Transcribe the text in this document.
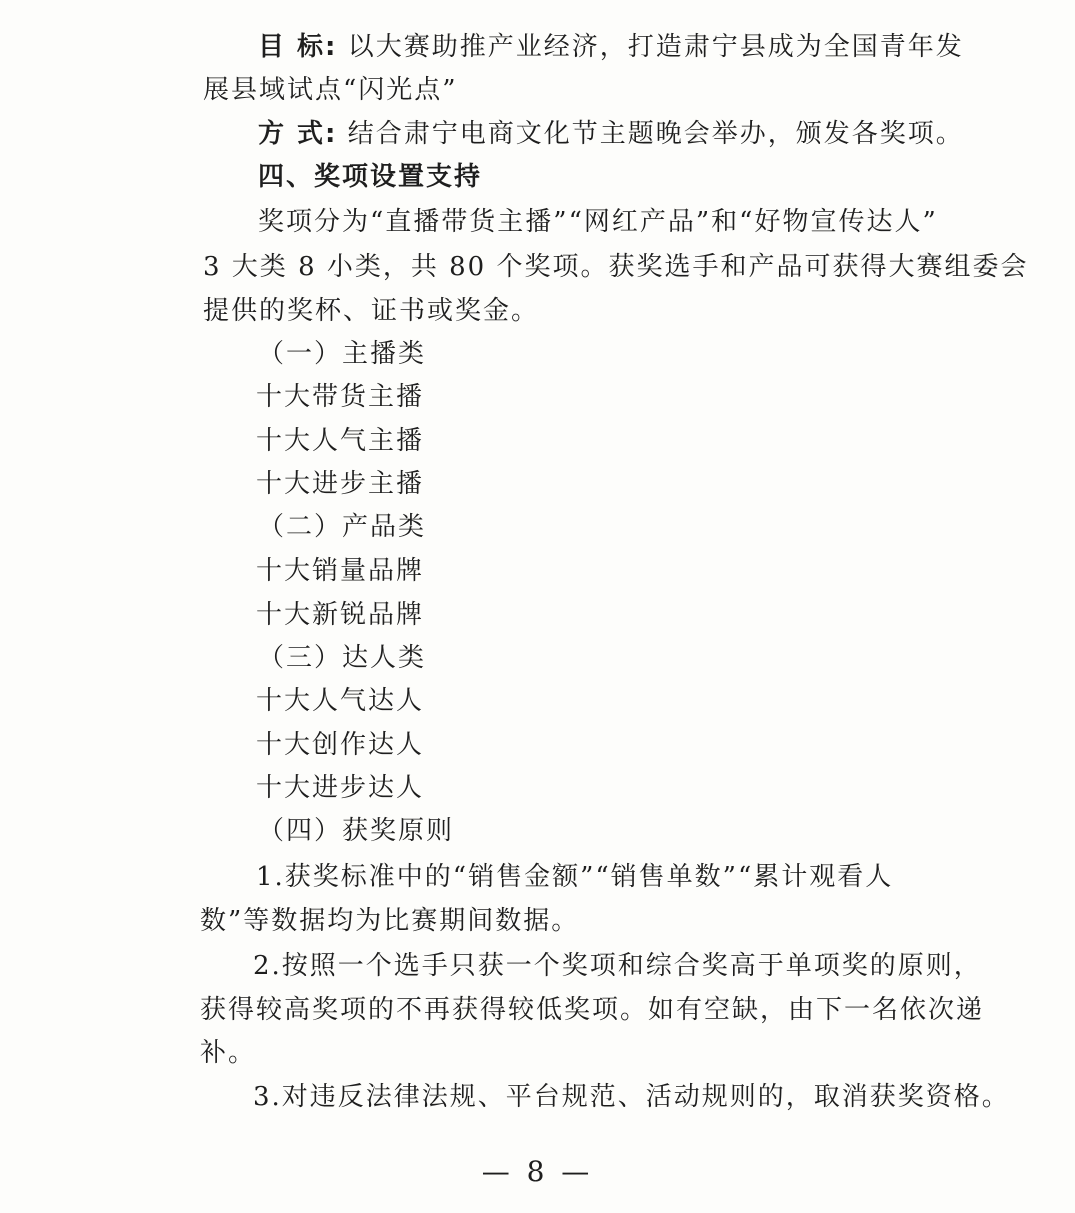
目 标: 以大赛助推产业经济，打造肃宁县成为全国青年发
展县域试点“闪光点”
方 式: 结合肃宁电商文化节主题晚会举办，颁发各奖项。
四、奖项设置支持
奖项分为“直播带货主播”“网红产品”和“好物宣传达人”
3 大类 8 小类，共 80 个奖项。获奖选手和产品可获得大赛组委会
提供的奖杯、证书或奖金。
（一）主播类
十大带货主播
十大人气主播
十大进步主播
（二）产品类
十大销量品牌
十大新锐品牌
（三）达人类
十大人气达人
十大创作达人
十大进步达人
（四）获奖原则
1.获奖标准中的“销售金额”“销售单数”“累计观看人
数”等数据均为比赛期间数据。
2.按照一个选手只获一个奖项和综合奖高于单项奖的原则，
获得较高奖项的不再获得较低奖项。如有空缺，由下一名依次递
补。
3.对违反法律法规、平台规范、活动规则的，取消获奖资格。
— 8 —
